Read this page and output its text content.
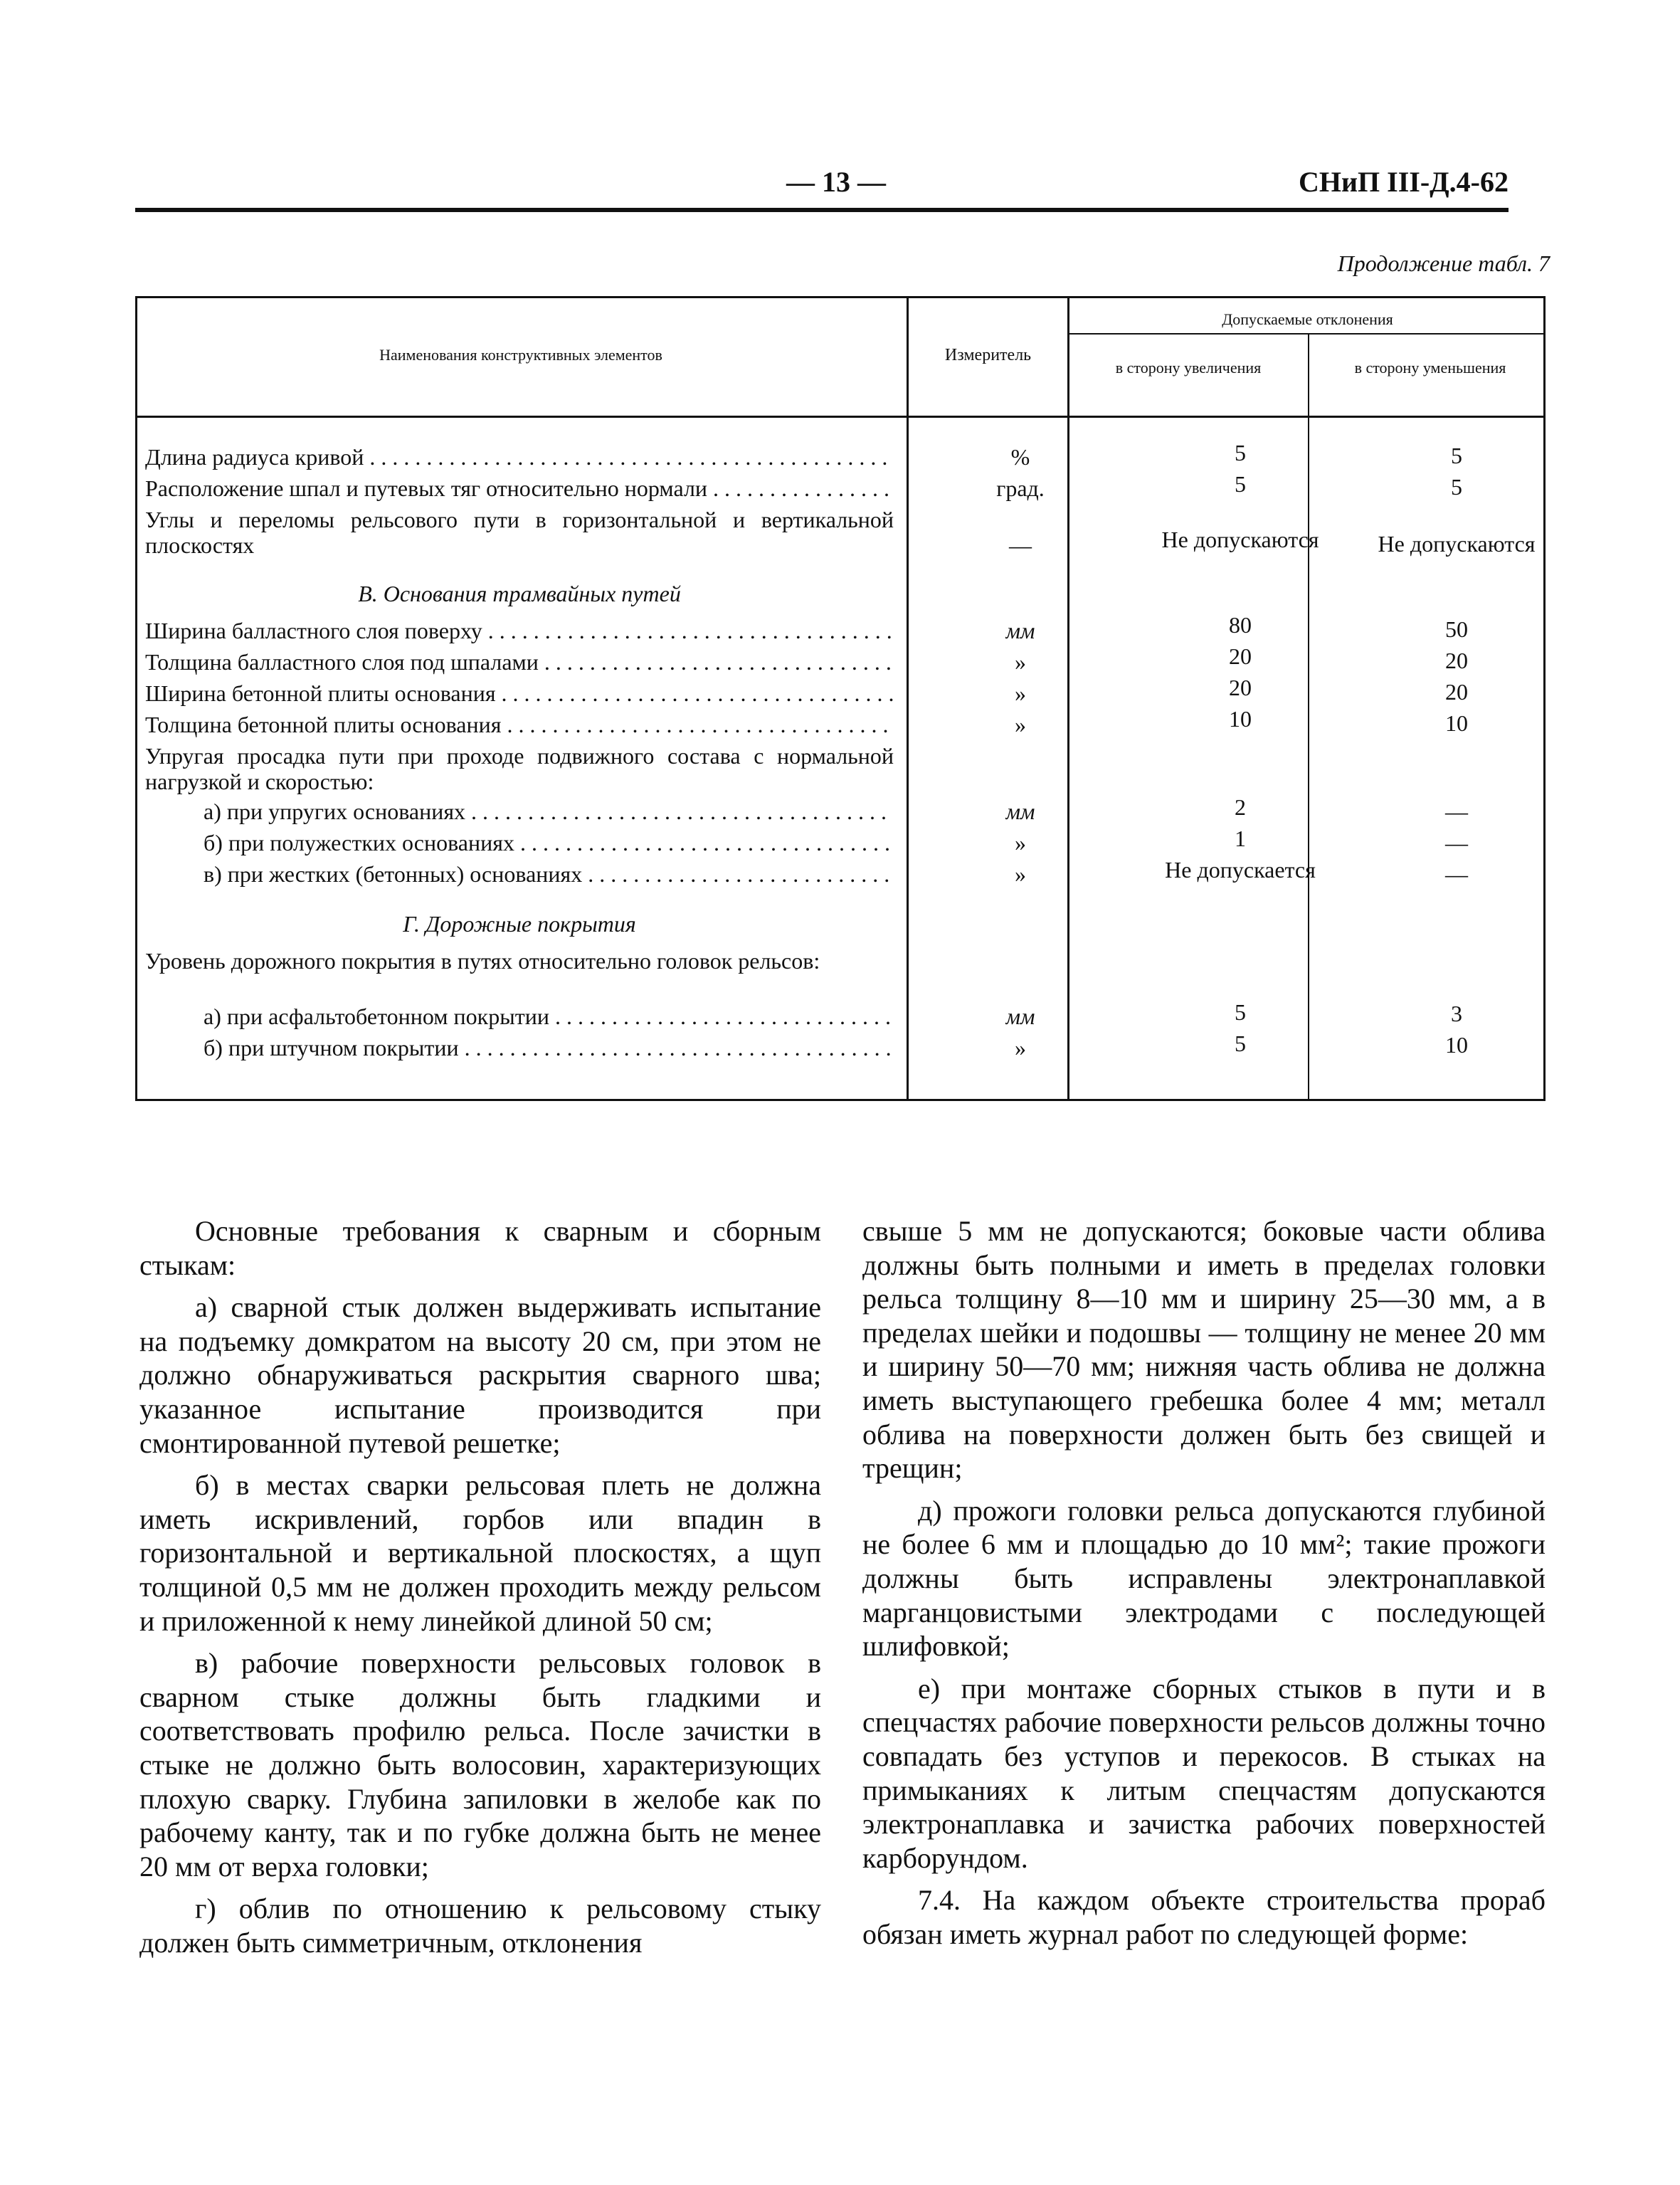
— 13 —	СНиП III-Д.4-62
Продолжение табл. 7
Наименования конструктивных элементов	Измеритель
Допускаемые отклонения
в сторону увеличения	в сторону уменьшения
Длина радиуса кривой . . .	%	5	5
Расположение шпал и путевых тяг относительно нормали . . .	град.	5	5
Углы и переломы рельсового пути в горизонтальной и вертикальной плоскостях	—	Не допускаются	Не допускаются
В. Основания трамвайных путей
Ширина балластного слоя поверху . . .	мм	80	50
Толщина балластного слоя под шпалами . . .	»	20	20
Ширина бетонной плиты основания . . .	»	20	20
Толщина бетонной плиты основания . . .	»	10	10
Упругая просадка пути при проходе подвижного состава с нормальной нагрузкой и скоростью:
а) при упругих основаниях . . .	мм	2	—
б) при полужестких основаниях . . .	»	1	—
в) при жестких (бетонных) основаниях . . .	»	Не допускается	—
Г. Дорожные покрытия
Уровень дорожного покрытия в путях относительно головок рельсов:
а) при асфальтобетонном покрытии . . .	мм	5	3
б) при штучном покрытии . . .	»	5	10

Основные требования к сварным и сборным стыкам:

а) сварной стык должен выдерживать испытание на подъемку домкратом на высоту 20 см, при этом не должно обнаруживаться раскрытия сварного шва; указанное испытание производится при смонтированной путевой решетке;

б) в местах сварки рельсовая плеть не должна иметь искривлений, горбов или впадин в горизонтальной и вертикальной плоскостях, а щуп толщиной 0,5 мм не должен проходить между рельсом и приложенной к нему линейкой длиной 50 см;

в) рабочие поверхности рельсовых головок в сварном стыке должны быть гладкими и соответствовать профилю рельса. После зачистки в стыке не должно быть волосовин, характеризующих плохую сварку. Глубина запиловки в желобе как по рабочему канту, так и по губке должна быть не менее 20 мм от верха головки;

г) облив по отношению к рельсовому стыку должен быть симметричным, отклонения

свыше 5 мм не допускаются; боковые части облива должны быть полными и иметь в пределах головки рельса толщину 8—10 мм и ширину 25—30 мм, а в пределах шейки и подошвы — толщину не менее 20 мм и ширину 50—70 мм; нижняя часть облива не должна иметь выступающего гребешка более 4 мм; металл облива на поверхности должен быть без свищей и трещин;

д) прожоги головки рельса допускаются глубиной не более 6 мм и площадью до 10 мм²; такие прожоги должны быть исправлены электронаплавкой марганцовистыми электродами с последующей шлифовкой;

е) при монтаже сборных стыков в пути и в спецчастях рабочие поверхности рельсов должны точно совпадать без уступов и перекосов. В стыках на примыканиях к литым спецчастям допускаются электронаплавка и зачистка рабочих поверхностей карборундом.

7.4. На каждом объекте строительства прораб обязан иметь журнал работ по следующей форме:
